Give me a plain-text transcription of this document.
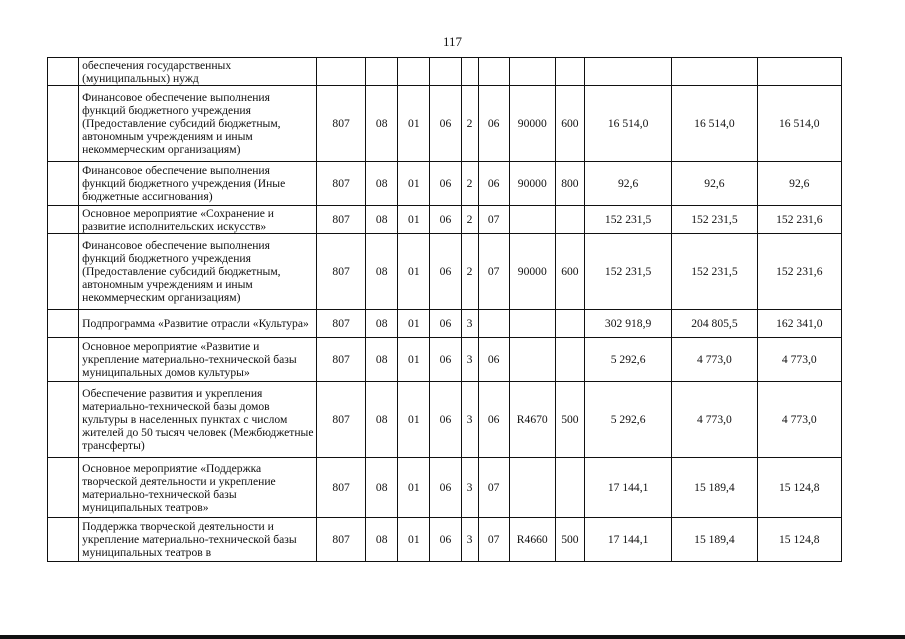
117
	обеспечения государственных (муниципальных) нужд											
	Финансовое обеспечение выполнения функций бюджетного учреждения (Предоставление субсидий бюджетным, автономным учреждениям и иным некоммерческим организациям)	807	08	01	06	2	06	90000	600	16 514,0	16 514,0	16 514,0
	Финансовое обеспечение выполнения функций бюджетного учреждения (Иные бюджетные ассигнования)	807	08	01	06	2	06	90000	800	92,6	92,6	92,6
	Основное мероприятие «Сохранение и развитие исполнительских искусств»	807	08	01	06	2	07			152 231,5	152 231,5	152 231,6
	Финансовое обеспечение выполнения функций бюджетного учреждения (Предоставление субсидий бюджетным, автономным учреждениям и иным некоммерческим организациям)	807	08	01	06	2	07	90000	600	152 231,5	152 231,5	152 231,6
	Подпрограмма «Развитие отрасли «Культура»	807	08	01	06	3				302 918,9	204 805,5	162 341,0
	Основное мероприятие «Развитие и укрепление материально-технической базы муниципальных домов культуры»	807	08	01	06	3	06			5 292,6	4 773,0	4 773,0
	Обеспечение развития и укрепления материально-технической базы домов культуры в населенных пунктах с числом жителей до 50 тысяч человек (Межбюджетные трансферты)	807	08	01	06	3	06	R4670	500	5 292,6	4 773,0	4 773,0
	Основное мероприятие «Поддержка творческой деятельности и укрепление материально-технической базы муниципальных театров»	807	08	01	06	3	07			17 144,1	15 189,4	15 124,8
	Поддержка творческой деятельности и укрепление материально-технической базы муниципальных театров в	807	08	01	06	3	07	R4660	500	17 144,1	15 189,4	15 124,8
